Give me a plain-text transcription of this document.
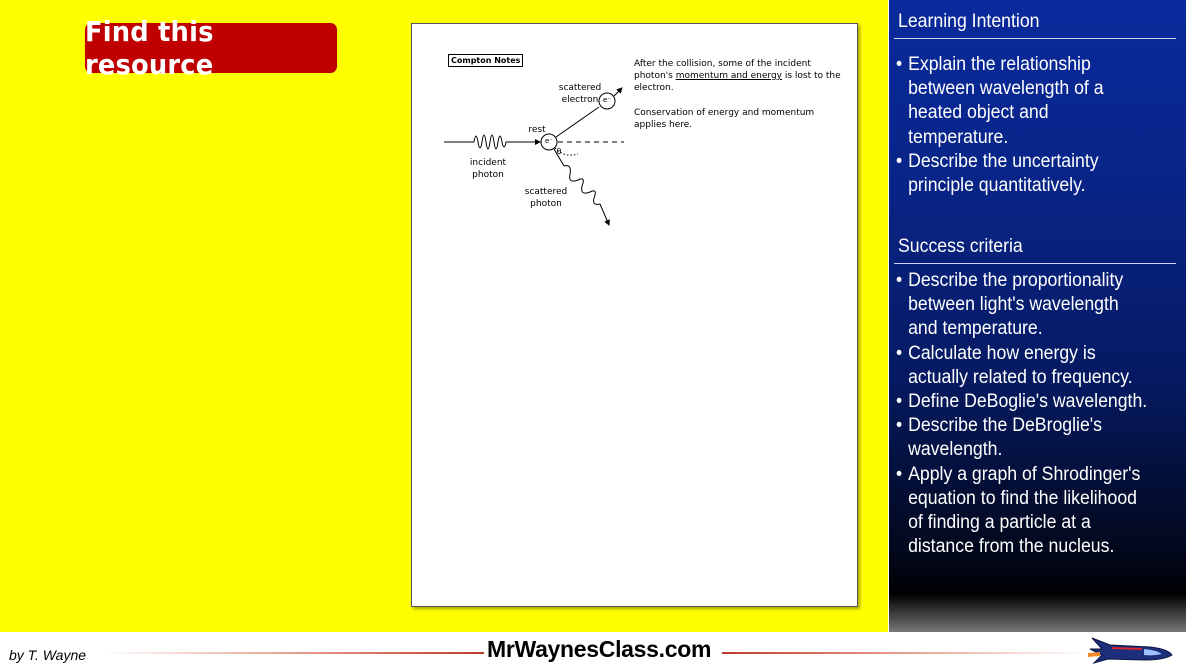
Find this resource	Compton Notes
scattered
electron e⁻
e⁻
rest
θ
incident
photon
scattered
photon
After the collision, some of the incident photon's momentum and energy is lost to the electron.
Conservation of energy and momentum applies here.
Learning Intention
• Explain the relationship
between wavelength of a
heated object and
temperature.
• Describe the uncertainty
principle quantitatively.
Success criteria
• Describe the proportionality
between light's wavelength
and temperature.
• Calculate how energy is
actually related to frequency.
• Define DeBoglie's wavelength.
• Describe the DeBroglie's
wavelength.
• Apply a graph of Shrodinger's
equation to find the likelihood
of finding a particle at a
distance from the nucleus.
by T. Wayne	MrWaynesClass.com
